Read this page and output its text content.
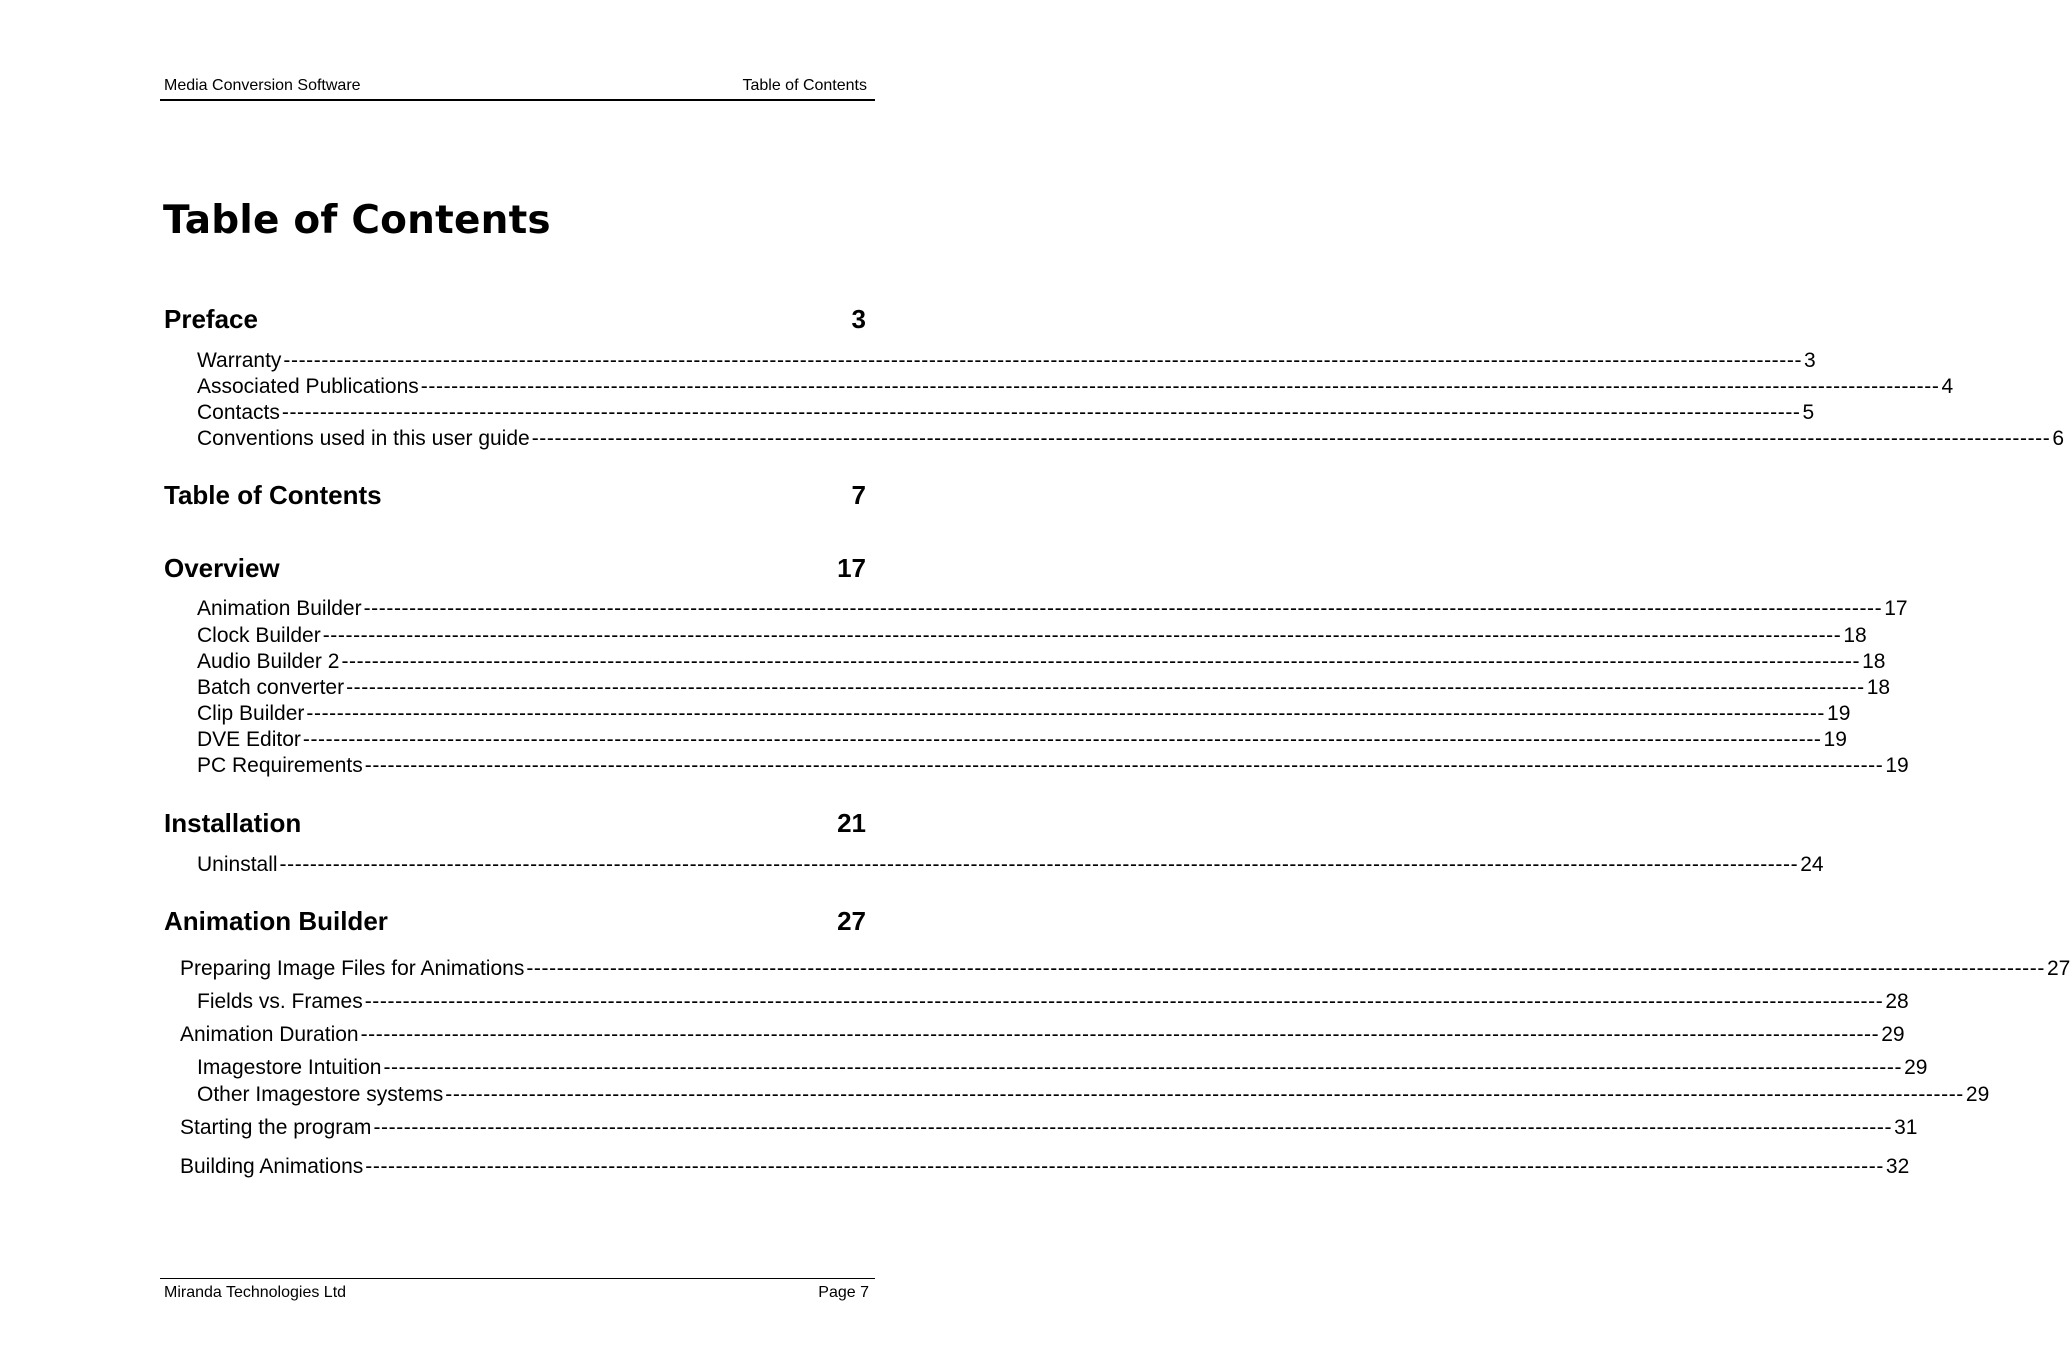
Media Conversion Software	Table of Contents
Table of Contents
Preface	3
Warranty -------------------------------------------------------------------------------------------------------------------------------------------------------------------------------------------------------- 3
Associated Publications -------------------------------------------------------------------------------------------------------------------------------------------------------------------------------------------------------- 4
Contacts -------------------------------------------------------------------------------------------------------------------------------------------------------------------------------------------------------- 5
Conventions used in this user guide -------------------------------------------------------------------------------------------------------------------------------------------------------------------------------------------------------- 6
Table of Contents	7
Overview	17
Animation Builder -------------------------------------------------------------------------------------------------------------------------------------------------------------------------------------------------------- 17
Clock Builder -------------------------------------------------------------------------------------------------------------------------------------------------------------------------------------------------------- 18
Audio Builder 2 -------------------------------------------------------------------------------------------------------------------------------------------------------------------------------------------------------- 18
Batch converter -------------------------------------------------------------------------------------------------------------------------------------------------------------------------------------------------------- 18
Clip Builder -------------------------------------------------------------------------------------------------------------------------------------------------------------------------------------------------------- 19
DVE Editor -------------------------------------------------------------------------------------------------------------------------------------------------------------------------------------------------------- 19
PC Requirements -------------------------------------------------------------------------------------------------------------------------------------------------------------------------------------------------------- 19
Installation	21
Uninstall -------------------------------------------------------------------------------------------------------------------------------------------------------------------------------------------------------- 24
Animation Builder	27
Preparing Image Files for Animations -------------------------------------------------------------------------------------------------------------------------------------------------------------------------------------------------------- 27
Fields vs. Frames -------------------------------------------------------------------------------------------------------------------------------------------------------------------------------------------------------- 28
Animation Duration -------------------------------------------------------------------------------------------------------------------------------------------------------------------------------------------------------- 29
Imagestore Intuition -------------------------------------------------------------------------------------------------------------------------------------------------------------------------------------------------------- 29
Other Imagestore systems -------------------------------------------------------------------------------------------------------------------------------------------------------------------------------------------------------- 29
Starting the program -------------------------------------------------------------------------------------------------------------------------------------------------------------------------------------------------------- 31
Building Animations -------------------------------------------------------------------------------------------------------------------------------------------------------------------------------------------------------- 32
Miranda Technologies Ltd	Page 7
